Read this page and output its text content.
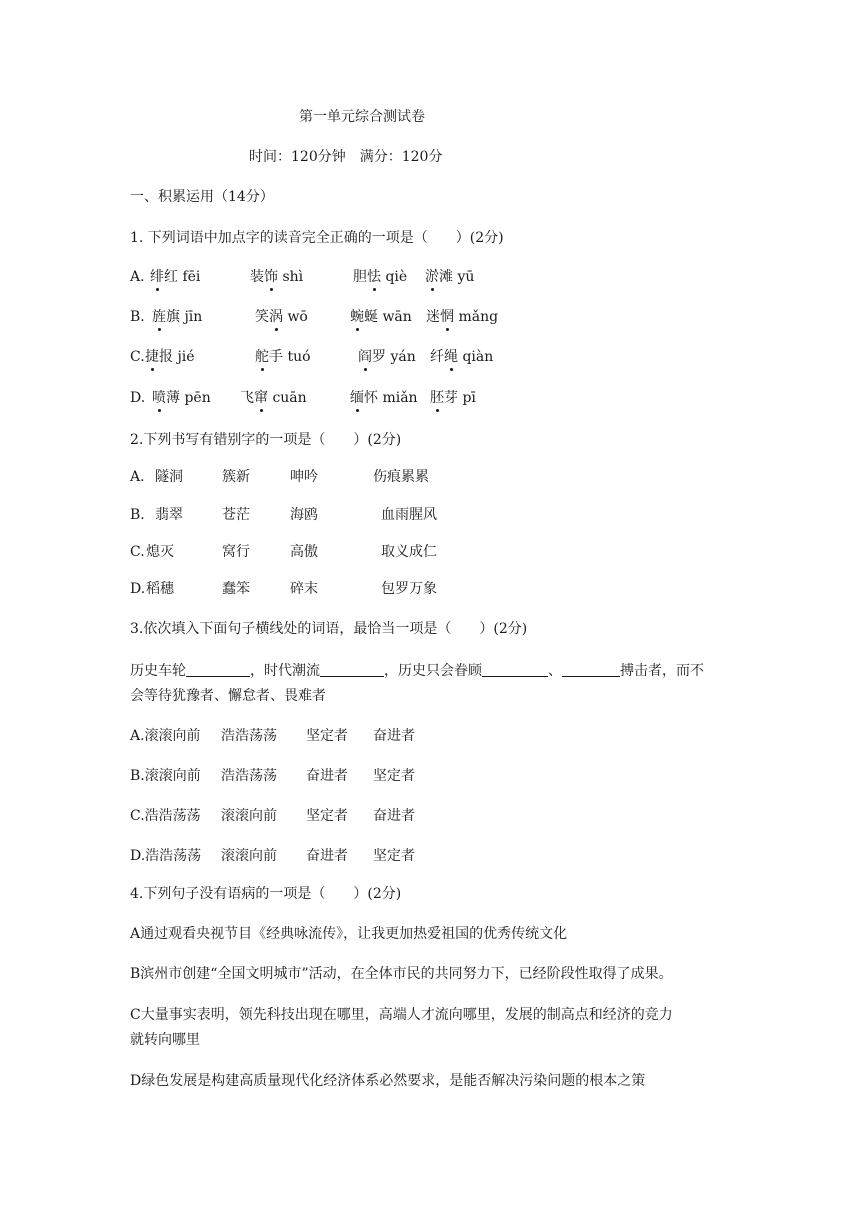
第一单元综合测试卷
时间：120分钟　满分：120分
一、积累运用（14分）
1. 下列词语中加点字的读音完全正确的一项是（　　）(2分)
A. 绯红 fēi	装饰 shì	胆怯 qiè 淤滩 yū
B. 旌旗 jīn	笑涡 wō	蜿蜒 wān 迷惘 mǎng
C. 捷报 jié	舵手 tuó	阎罗 yán 纤绳 qiàn
D. 喷薄 pēn 飞窜 cuān	缅怀 miǎn 胚芽 pī
2.下列书写有错别字的一项是（　　）(2分)
A. 隧洞	簇新	呻吟	伤痕累累
B. 翡翠	苍茫	海鸥	血雨腥风
C. 熄灭	窝行	高傲	取义成仁
D. 稻穗	蠢笨	碎末	包罗万象
3.依次填入下面句子横线处的词语，最恰当一项是（　　）(2分)
历史车轮	，时代潮流	，历史只会眷顾	、	搏击者，而不
会等待犹豫者、懈怠者、畏难者
A.滚滚向前 浩浩荡荡 坚定者 奋进者
B.滚滚向前 浩浩荡荡 奋进者 坚定者
C.浩浩荡荡 滚滚向前 坚定者 奋进者
D.浩浩荡荡 滚滚向前 奋进者 坚定者
4.下列句子没有语病的一项是（　　）(2分)
A通过观看央视节目《经典咏流传》，让我更加热爱祖国的优秀传统文化
B滨州市创建“全国文明城市”活动，在全体市民的共同努力下，已经阶段性取得了成果。
C大量事实表明，领先科技出现在哪里，高端人才流向哪里，发展的制高点和经济的竞力
就转向哪里
D绿色发展是构建高质量现代化经济体系必然要求，是能否解决污染问题的根本之策
